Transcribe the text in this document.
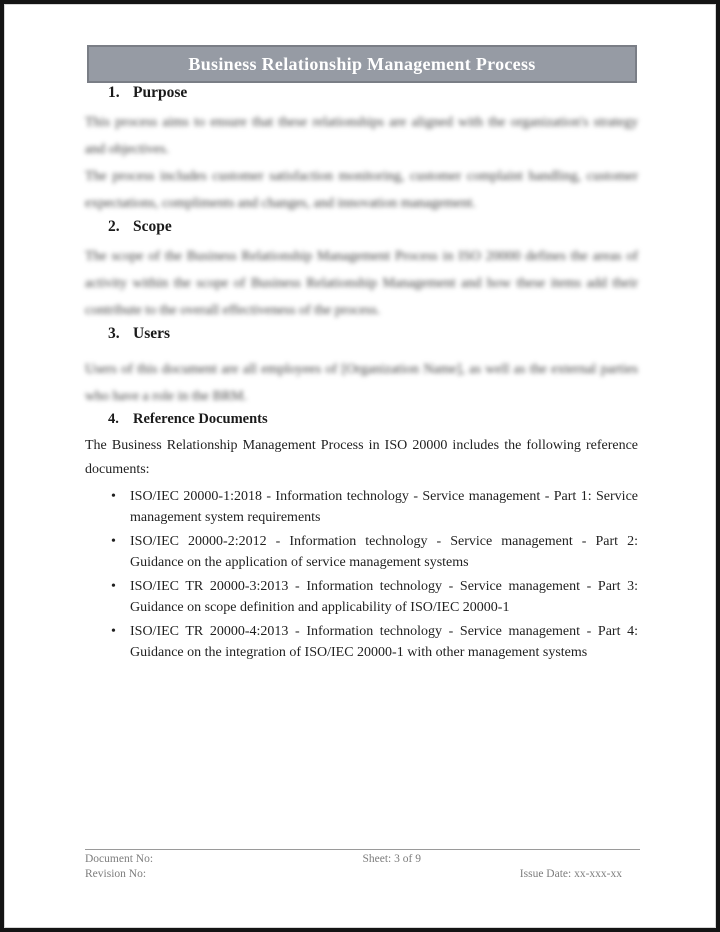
Business Relationship Management Process
1. Purpose

This process aims to ensure that these relationships are aligned with the organization's strategy and objectives.

The process includes customer satisfaction monitoring, customer complaint handling, customer expectations, compliments and changes, and innovation management.

2. Scope

The scope of the Business Relationship Management Process in ISO 20000 defines the areas of activity within the scope of Business Relationship Management and how these items add their contribute to the overall effectiveness of the process.

3. Users

Users of this document are all employees of [Organization Name], as well as the external parties who have a role in the BRM.

4. Reference Documents

The Business Relationship Management Process in ISO 20000 includes the following reference documents:

• ISO/IEC 20000-1:2018 - Information technology - Service management - Part 1: Service management system requirements
• ISO/IEC 20000-2:2012 - Information technology - Service management - Part 2: Guidance on the application of service management systems
• ISO/IEC TR 20000-3:2013 - Information technology - Service management - Part 3: Guidance on scope definition and applicability of ISO/IEC 20000-1
• ISO/IEC TR 20000-4:2013 - Information technology - Service management - Part 4: Guidance on the integration of ISO/IEC 20000-1 with other management systems
Document No:	Sheet: 3 of 9
Revision No:	Issue Date: xx-xxx-xx
